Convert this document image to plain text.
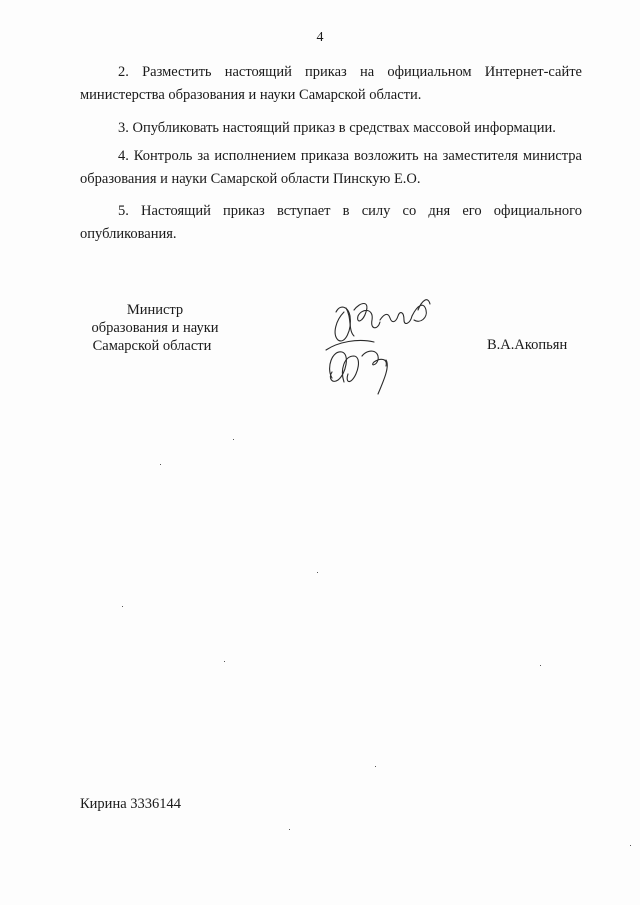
4
2. Разместить настоящий приказ на официальном Интернет-сайте
министерства образования и науки Самарской области.
3. Опубликовать настоящий приказ в средствах массовой информации.
4. Контроль за исполнением приказа возложить на заместителя министра
образования и науки Самарской области Пинскую Е.О.
5. Настоящий приказ вступает в силу со дня его официального
опубликования.
Министр
образования и науки
Самарской области	В.А.Акопьян
Кирина 3336144
